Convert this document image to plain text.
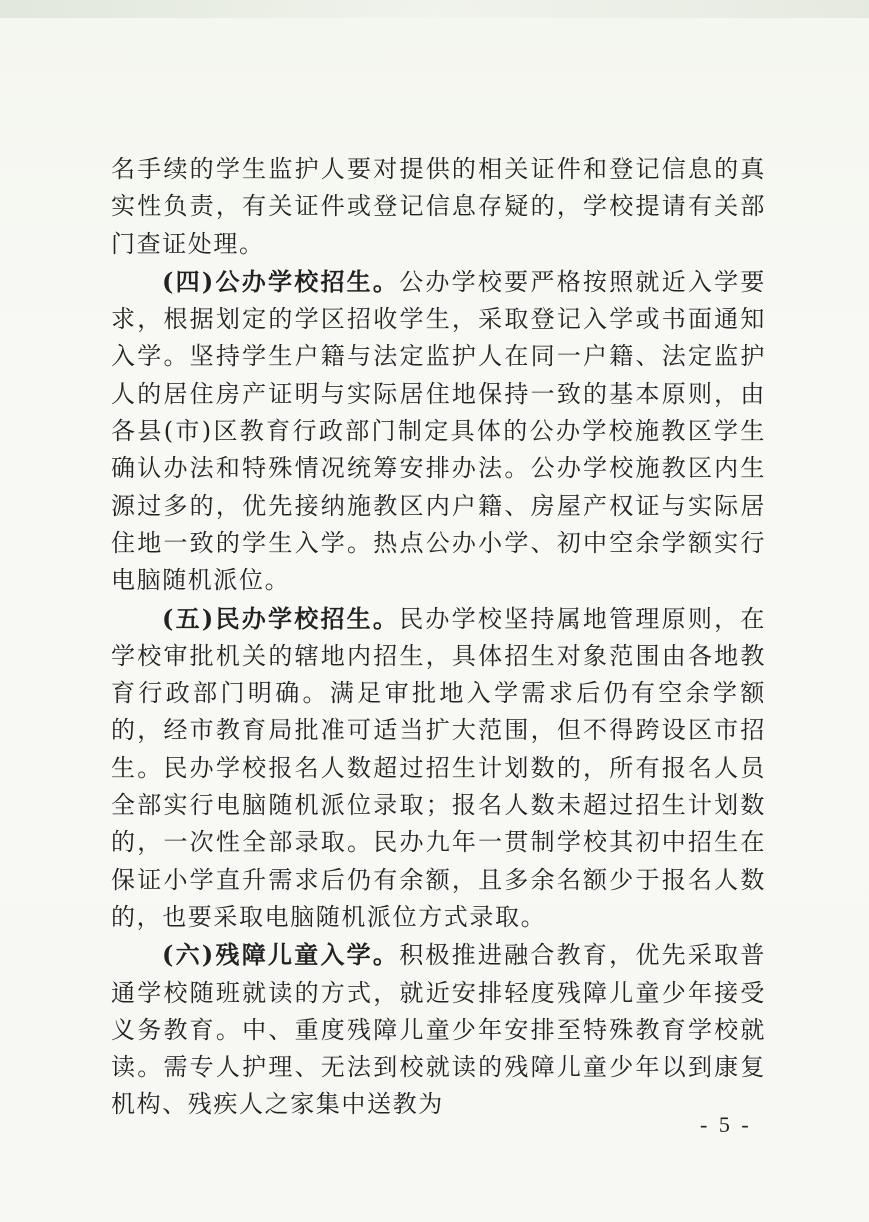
名手续的学生监护人要对提供的相关证件和登记信息的真实性负责，有关证件或登记信息存疑的，学校提请有关部门查证处理。

(四)公办学校招生。公办学校要严格按照就近入学要求，根据划定的学区招收学生，采取登记入学或书面通知入学。坚持学生户籍与法定监护人在同一户籍、法定监护人的居住房产证明与实际居住地保持一致的基本原则，由各县(市)区教育行政部门制定具体的公办学校施教区学生确认办法和特殊情况统筹安排办法。公办学校施教区内生源过多的，优先接纳施教区内户籍、房屋产权证与实际居住地一致的学生入学。热点公办小学、初中空余学额实行电脑随机派位。

(五)民办学校招生。民办学校坚持属地管理原则，在学校审批机关的辖地内招生，具体招生对象范围由各地教育行政部门明确。满足审批地入学需求后仍有空余学额的，经市教育局批准可适当扩大范围，但不得跨设区市招生。民办学校报名人数超过招生计划数的，所有报名人员全部实行电脑随机派位录取；报名人数未超过招生计划数的，一次性全部录取。民办九年一贯制学校其初中招生在保证小学直升需求后仍有余额，且多余名额少于报名人数的，也要采取电脑随机派位方式录取。

(六)残障儿童入学。积极推进融合教育，优先采取普通学校随班就读的方式，就近安排轻度残障儿童少年接受义务教育。中、重度残障儿童少年安排至特殊教育学校就读。需专人护理、无法到校就读的残障儿童少年以到康复机构、残疾人之家集中送教为

- 5 -
